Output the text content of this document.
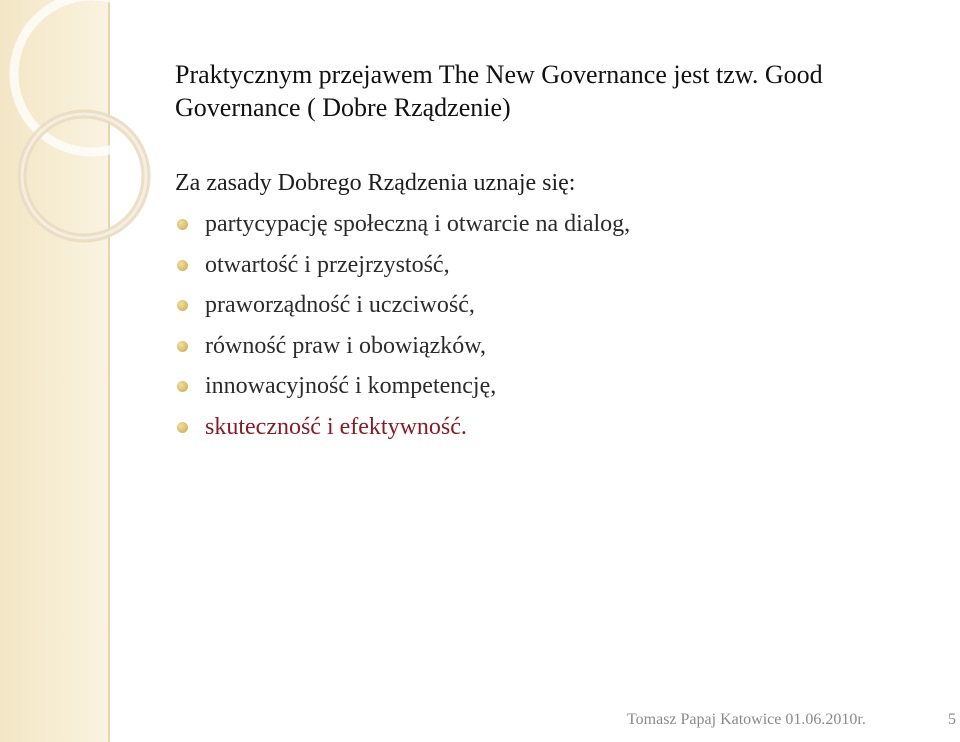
Praktycznym przejawem The New Governance jest tzw. Good Governance ( Dobre Rządzenie)

Za zasady Dobrego Rządzenia uznaje się:

partycypację społeczną i otwarcie na dialog,
otwartość i przejrzystość,
praworządność i uczciwość,
równość praw i obowiązków,
innowacyjność i kompetencję,
skuteczność i efektywność.
Tomasz Papaj Katowice 01.06.2010r.	5
